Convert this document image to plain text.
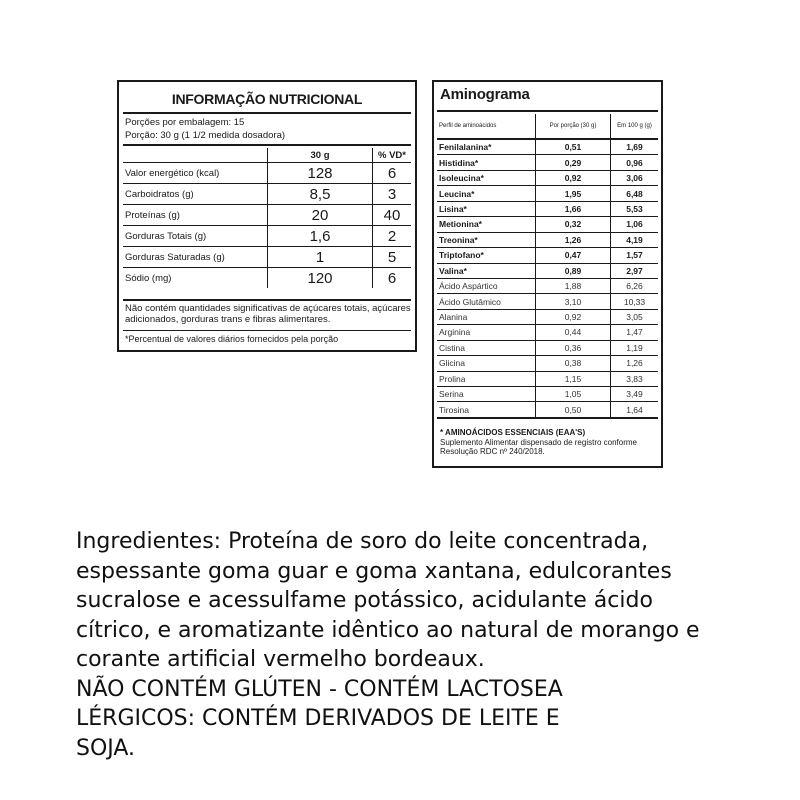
INFORMAÇÃO NUTRICIONAL
Porções por embalagem: 15
Porção: 30 g (1 1/2 medida dosadora)
	30 g	% VD*
Valor energético (kcal)	128	6
Carboidratos (g)	8,5	3
Proteínas (g)	20	40
Gorduras Totais (g)	1,6	2
Gorduras Saturadas (g)	1	5
Sódio (mg)	120	6
Não contém quantidades significativas de açúcares totais, açúcares adicionados, gorduras trans e fibras alimentares.
*Percentual de valores diários fornecidos pela porção
Aminograma
Perfil de aminoácidos	Por porção (30 g)	Em 100 g (g)
Fenilalanina*	0,51	1,69
Histidina*	0,29	0,96
Isoleucina*	0,92	3,06
Leucina*	1,95	6,48
Lisina*	1,66	5,53
Metionina*	0,32	1,06
Treonina*	1,26	4,19
Triptofano*	0,47	1,57
Valina*	0,89	2,97
Ácido Aspártico	1,88	6,26
Ácido Glutâmico	3,10	10,33
Alanina	0,92	3,05
Arginina	0,44	1,47
Cistina	0,36	1,19
Glicina	0,38	1,26
Prolina	1,15	3,83
Serina	1,05	3,49
Tirosina	0,50	1,64
* AMINOÁCIDOS ESSENCIAIS (EAA'S)
Suplemento Alimentar dispensado de registro conforme Resolução RDC nº 240/2018.

Ingredientes: Proteína de soro do leite concentrada,
espessante goma guar e goma xantana, edulcorantes
sucralose e acessulfame potássico, acidulante ácido
cítrico, e aromatizante idêntico ao natural de morango e
corante artificial vermelho bordeaux.
NÃO CONTÉM GLÚTEN - CONTÉM LACTOSEA
LÉRGICOS: CONTÉM DERIVADOS DE LEITE E
SOJA.
